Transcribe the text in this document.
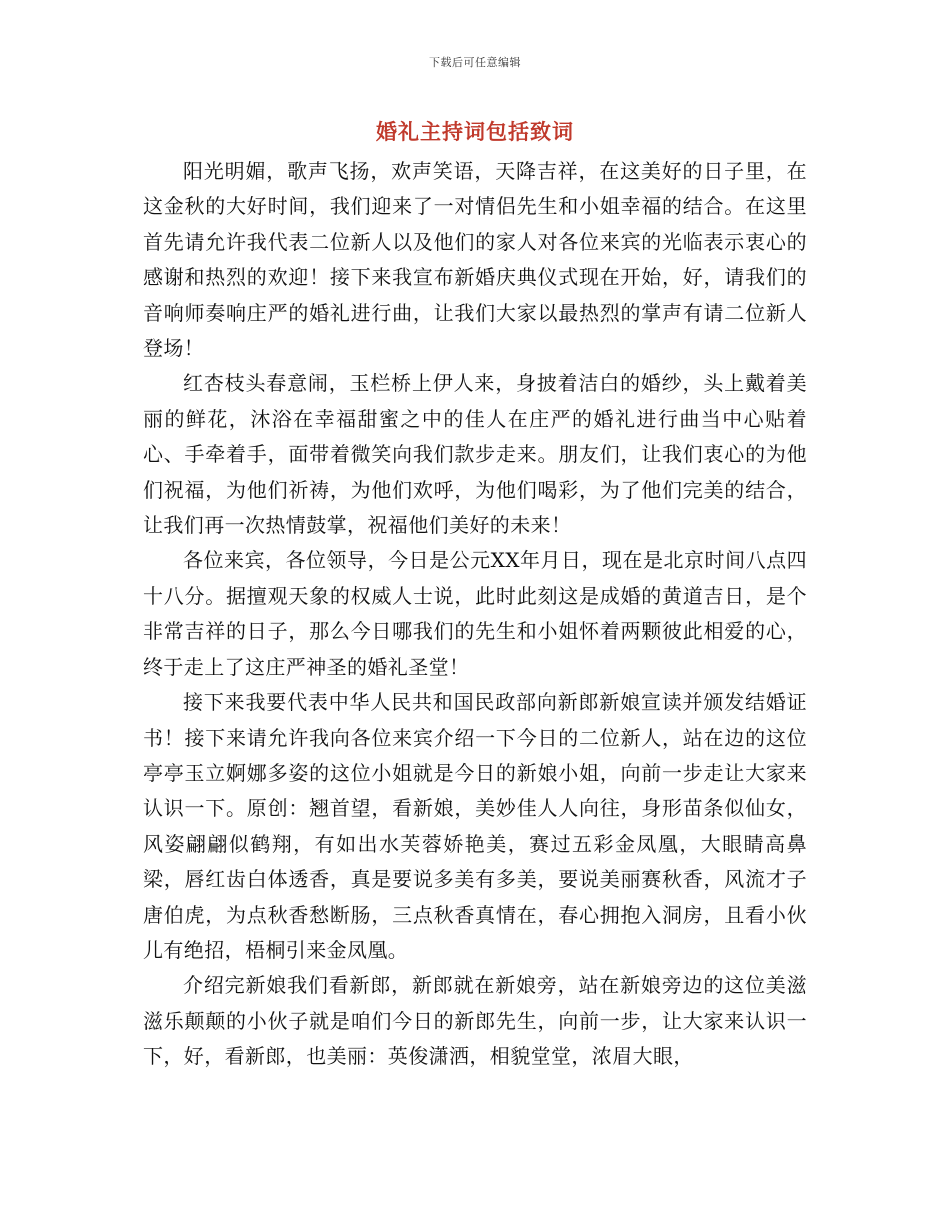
下载后可任意编辑
婚礼主持词包括致词

阳光明媚，歌声飞扬，欢声笑语，天降吉祥，在这美好的日子里，在这金秋的大好时间，我们迎来了一对情侣先生和小姐幸福的结合。在这里首先请允许我代表二位新人以及他们的家人对各位来宾的光临表示衷心的感谢和热烈的欢迎！接下来我宣布新婚庆典仪式现在开始，好，请我们的音响师奏响庄严的婚礼进行曲，让我们大家以最热烈的掌声有请二位新人登场！

红杏枝头春意闹，玉栏桥上伊人来，身披着洁白的婚纱，头上戴着美丽的鲜花，沐浴在幸福甜蜜之中的佳人在庄严的婚礼进行曲当中心贴着心、手牵着手，面带着微笑向我们款步走来。朋友们，让我们衷心的为他们祝福，为他们祈祷，为他们欢呼，为他们喝彩，为了他们完美的结合，让我们再一次热情鼓掌，祝福他们美好的未来！

各位来宾，各位领导，今日是公元XX年月日，现在是北京时间八点四十八分。据擅观天象的权威人士说，此时此刻这是成婚的黄道吉日，是个非常吉祥的日子，那么今日哪我们的先生和小姐怀着两颗彼此相爱的心，终于走上了这庄严神圣的婚礼圣堂！

接下来我要代表中华人民共和国民政部向新郎新娘宣读并颁发结婚证书！接下来请允许我向各位来宾介绍一下今日的二位新人，站在边的这位亭亭玉立婀娜多姿的这位小姐就是今日的新娘小姐，向前一步走让大家来认识一下。原创：翘首望，看新娘，美妙佳人人向往，身形苗条似仙女，风姿翩翩似鹤翔，有如出水芙蓉娇艳美，赛过五彩金凤凰，大眼睛高鼻梁，唇红齿白体透香，真是要说多美有多美，要说美丽赛秋香，风流才子唐伯虎，为点秋香愁断肠，三点秋香真情在，春心拥抱入洞房，且看小伙儿有绝招，梧桐引来金凤凰。

介绍完新娘我们看新郎，新郎就在新娘旁，站在新娘旁边的这位美滋滋乐颠颠的小伙子就是咱们今日的新郎先生，向前一步，让大家来认识一下，好，看新郎，也美丽：英俊潇洒，相貌堂堂，浓眉大眼，
